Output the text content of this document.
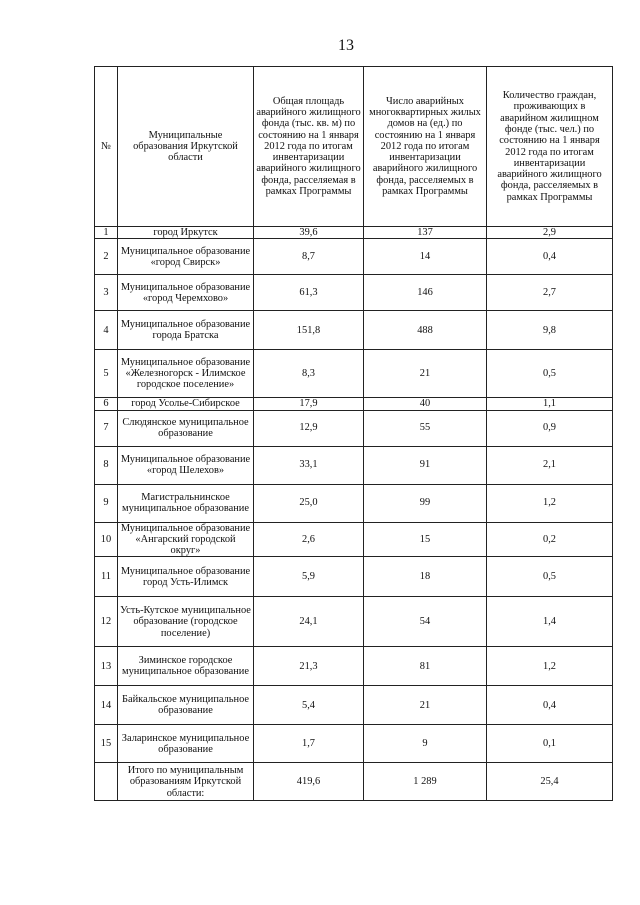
13
№	Муниципальные образования Иркутской области	Общая площадь аварийного жилищного фонда (тыс. кв. м) по состоянию на 1 января 2012 года по итогам инвентаризации аварийного жилищного фонда, расселяемая в рамках Программы	Число аварийных многоквартирных жилых домов на (ед.) по состоянию на 1 января 2012 года по итогам инвентаризации аварийного жилищного фонда, расселяемых в рамках Программы	Количество граждан, проживающих в аварийном жилищном фонде (тыс. чел.) по состоянию на 1 января 2012 года по итогам инвентаризации аварийного жилищного фонда, расселяемых в рамках Программы
1	город Иркутск	39,6	137	2,9
2	Муниципальное образование «город Свирск»	8,7	14	0,4
3	Муниципальное образование «город Черемхово»	61,3	146	2,7
4	Муниципальное образование города Братска	151,8	488	9,8
5	Муниципальное образование «Железногорск - Илимское городское поселение»	8,3	21	0,5
6	город Усолье-Сибирское	17,9	40	1,1
7	Слюдянское муниципальное образование	12,9	55	0,9
8	Муниципальное образование «город Шелехов»	33,1	91	2,1
9	Магистральнинское муниципальное образование	25,0	99	1,2
10	Муниципальное образование «Ангарский городской округ»	2,6	15	0,2
11	Муниципальное образование город Усть-Илимск	5,9	18	0,5
12	Усть-Кутское муниципальное образование (городское поселение)	24,1	54	1,4
13	Зиминское городское муниципальное образование	21,3	81	1,2
14	Байкальское муниципальное образование	5,4	21	0,4
15	Заларинское муниципальное образование	1,7	9	0,1
	Итого по муниципальным образованиям Иркутской области:	419,6	1 289	25,4
